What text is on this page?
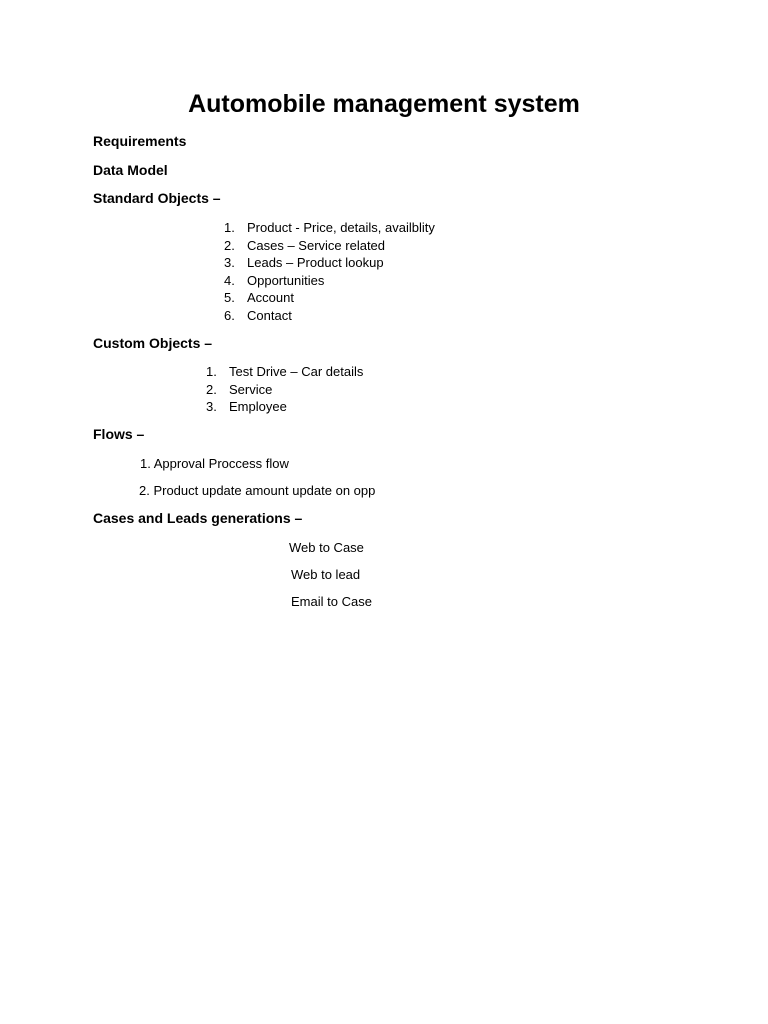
Automobile management system
Requirements
Data Model
Standard Objects –
1. Product - Price, details, availblity
2. Cases – Service related
3. Leads – Product lookup
4. Opportunities
5. Account
6. Contact
Custom Objects –
1. Test Drive – Car details
2. Service
3. Employee
Flows –
1. Approval Proccess flow
2. Product update amount update on opp
Cases and Leads generations –
Web to Case
Web to lead
Email to Case
